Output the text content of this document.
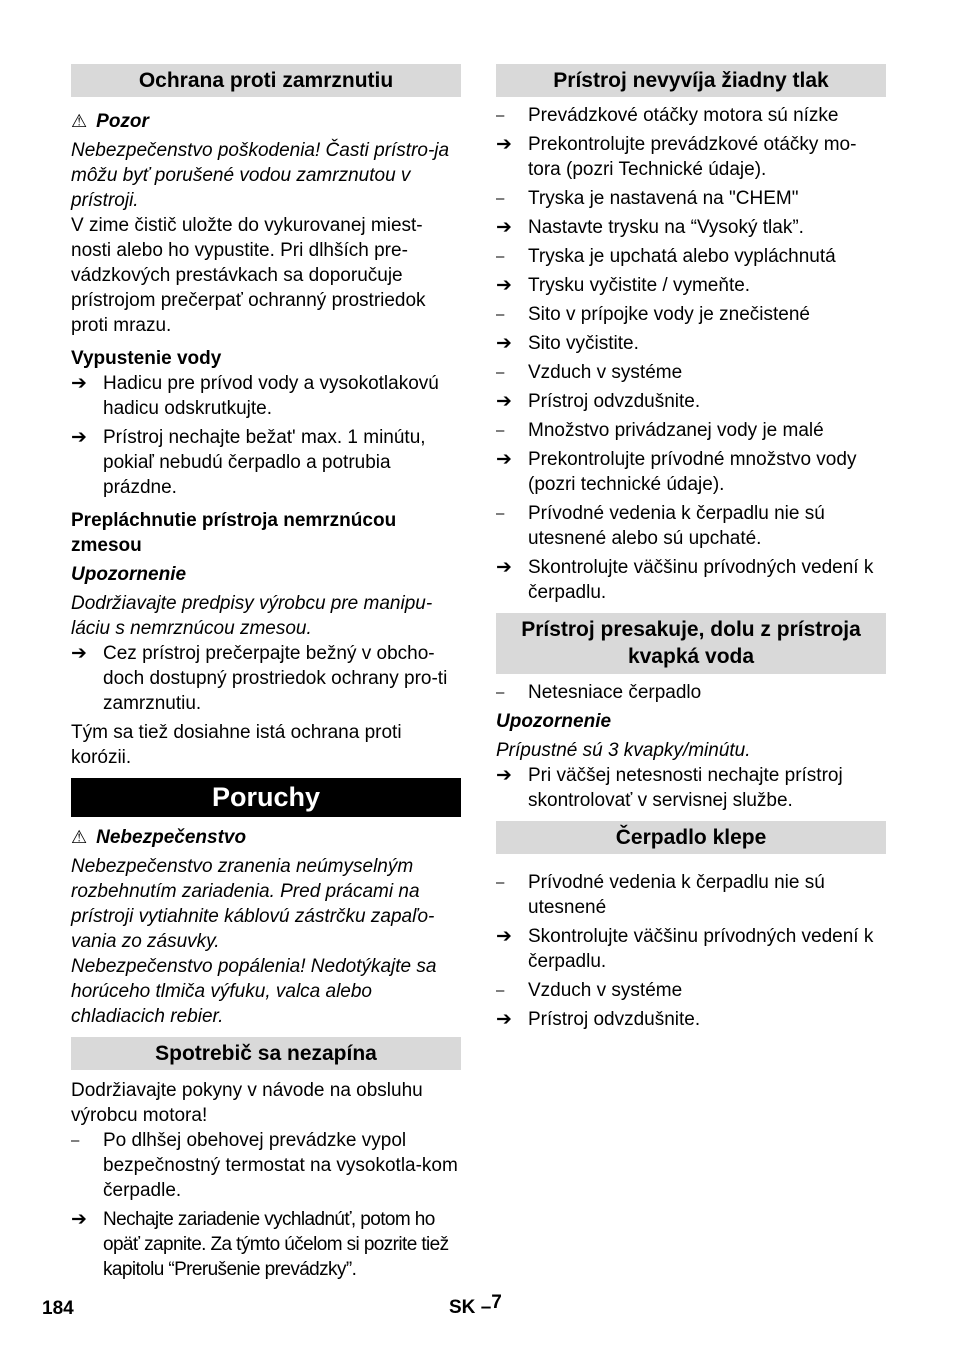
Ochrana proti zamrznutiu
⚠ Pozor

Nebezpečenstvo poškodenia! Časti prístro-ja môžu byť porušené vodou zamrznutou v prístroji.

V zime čistič uložte do vykurovanej miest-nosti alebo ho vypustite. Pri dlhších pre-vádzkových prestávkach sa doporučuje prístrojom prečerpať ochranný prostriedok proti mrazu.

Vypustenie vody

➔ Hadicu pre prívod vody a vysokotlakovú hadicu odskrutkujte.
➔ Prístroj nechajte bežat' max. 1 minútu, pokiaľ nebudú čerpadlo a potrubia prázdne.

Prepláchnutie prístroja nemrznúcou zmesou

Upozornenie

Dodržiavajte predpisy výrobcu pre manipu-láciu s nemrznúcou zmesou.

➔ Cez prístroj prečerpajte bežný v obcho-doch dostupný prostriedok ochrany pro-ti zamrznutiu.

Tým sa tiež dosiahne istá ochrana proti korózii.

Poruchy
⚠ Nebezpečenstvo

Nebezpečenstvo zranenia neúmyselným rozbehnutím zariadenia. Pred prácami na prístroji vytiahnite káblovú zástrčku zapaľo-vania zo zásuvky.

Nebezpečenstvo popálenia! Nedotýkajte sa horúceho tlmiča výfuku, valca alebo chladiacich rebier.

Spotrebič sa nezapína

Dodržiavajte pokyny v návode na obsluhu výrobcu motora!

–	Po dlhšej obehovej prevádzke vypol bezpečnostný termostat na vysokotla-kom čerpadle.
➔ Nechajte zariadenie vychladnúť, potom ho opäť zapnite. Za týmto účelom si pozrite tiež kapitolu “Prerušenie prevádzky”.
Prístroj nevyvíja žiadny tlak
–	Prevádzkové otáčky motora sú nízke
➔ Prekontrolujte prevádzkové otáčky mo-tora (pozri Technické údaje).
–	Tryska je nastavená na "CHEM"
➔ Nastavte trysku na “Vysoký tlak”.
–	Tryska je upchatá alebo vypláchnutá
➔ Trysku vyčistite / vymeňte.
–	Sito v prípojke vody je znečistené
➔ Sito vyčistite.
–	Vzduch v systéme
➔ Prístroj odvzdušnite.
–	Množstvo privádzanej vody je malé
➔ Prekontrolujte prívodné množstvo vody (pozri technické údaje).
–	Prívodné vedenia k čerpadlu nie sú utesnené alebo sú upchaté.
➔ Skontrolujte väčšinu prívodných vedení k čerpadlu.
Prístroj presakuje, dolu z prístroja kvapká voda
–	Netesniace čerpadlo

Upozornenie

Prípustné sú 3 kvapky/minútu.

➔ Pri väčšej netesnosti nechajte prístroj skontrolovať v servisnej službe.
Čerpadlo klepe
–	Prívodné vedenia k čerpadlu nie sú utesnené
➔ Skontrolujte väčšinu prívodných vedení k čerpadlu.
–	Vzduch v systéme
➔ Prístroj odvzdušnite.
184	SK –7
